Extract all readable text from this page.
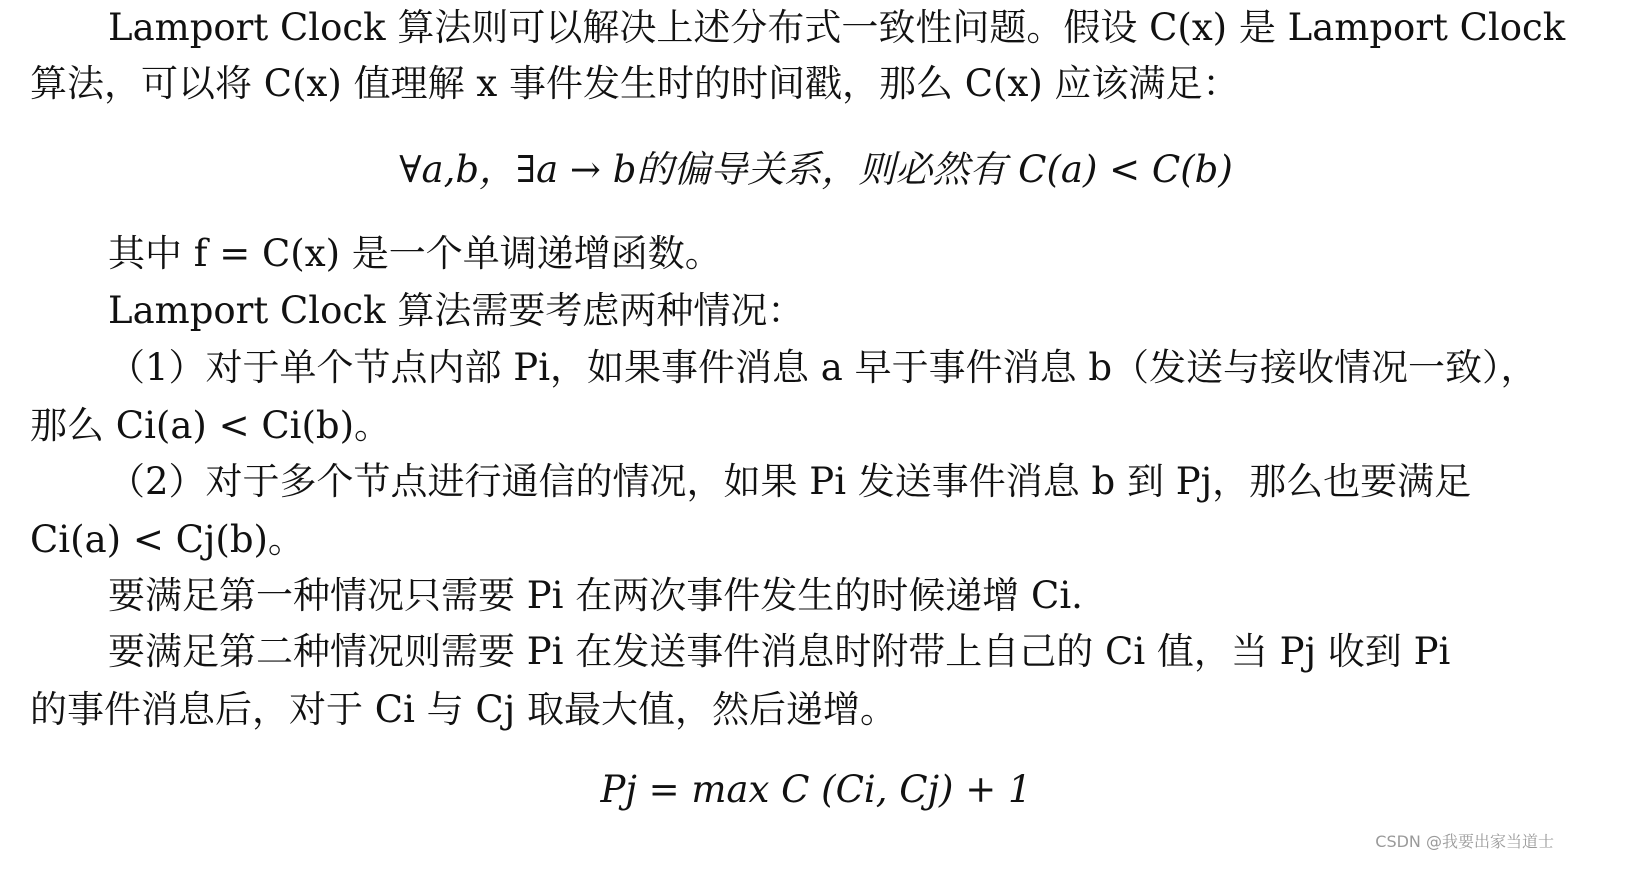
Lamport Clock 算法则可以解决上述分布式一致性问题。假设 C(x) 是 Lamport Clock
算法，可以将 C(x) 值理解 x 事件发生时的时间戳，那么 C(x) 应该满足：
∀a,b，∃a → b的偏导关系，则必然有 C(a) < C(b)
其中 f = C(x) 是一个单调递增函数。
Lamport Clock 算法需要考虑两种情况：
（1）对于单个节点内部 Pi，如果事件消息 a 早于事件消息 b（发送与接收情况一致），
那么 Ci(a) < Ci(b)。
（2）对于多个节点进行通信的情况，如果 Pi 发送事件消息 b 到 Pj，那么也要满足
Ci(a) < Cj(b)。
要满足第一种情况只需要 Pi 在两次事件发生的时候递增 Ci.
要满足第二种情况则需要 Pi 在发送事件消息时附带上自己的 Ci 值，当 Pj 收到 Pi
的事件消息后，对于 Ci 与 Cj 取最大值，然后递增。
Pj = max C (Ci, Cj) + 1
CSDN @我要出家当道士
